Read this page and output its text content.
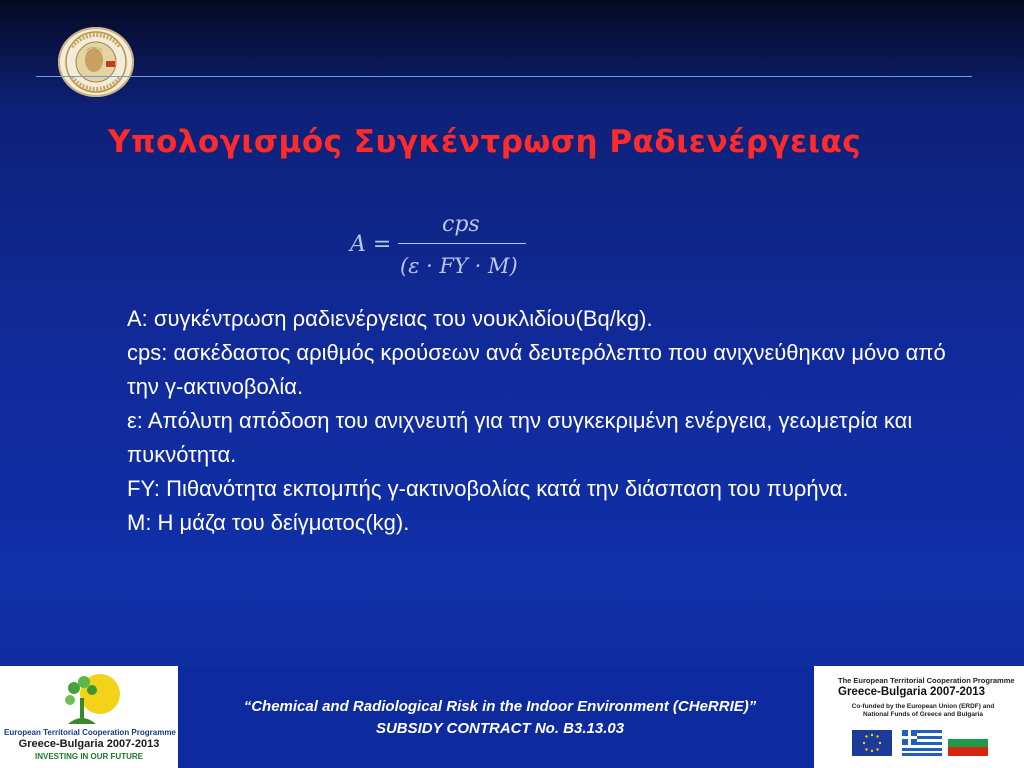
Υπολογισμός Συγκέντρωση Ραδιενέργειας
A =
cps
(ε · FY · M)

A: συγκέντρωση ραδιενέργειας του νουκλιδίου(Bq/kg).

cps: ασκέδαστος αριθμός κρούσεων ανά δευτερόλεπτο που ανιχνεύθηκαν μόνο από την γ-ακτινοβολία.

ε: Απόλυτη απόδοση του ανιχνευτή για την συγκεκριμένη ενέργεια, γεωμετρία και πυκνότητα.

FY: Πιθανότητα εκπομπής γ-ακτινοβολίας κατά την διάσπαση του πυρήνα.

M: Η μάζα του δείγματος(kg).

European Territorial Cooperation Programme
Greece-Bulgaria 2007-2013
INVESTING IN OUR FUTURE
“Chemical and Radiological Risk in the Indoor Environment (CHeRRIE)”
SUBSIDY CONTRACT No. B3.13.03
The European Territorial Cooperation Programme
Greece-Bulgaria 2007-2013
Co-funded by the European Union (ERDF) and National Funds of Greece and Bulgaria
